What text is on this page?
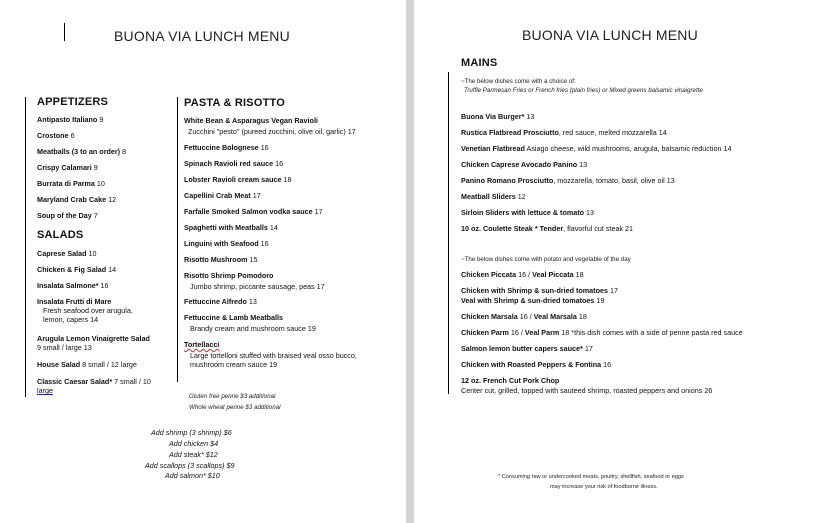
BUONA VIA LUNCH MENU
APPETIZERS
Antipasto Italiano 9
Crostone 6
Meatballs (3 to an order) 8
Crispy Calamari 9
Burrata di Parma 10
Maryland Crab Cake 12
Soup of the Day 7
SALADS
Caprese Salad 10
Chicken & Fig Salad 14
Insalata Salmone* 16
Insalata Frutti di Mare
Fresh seafood over arugula,
lemon, capers 14
Arugula Lemon Vinaigrette Salad
9 small / large 13
House Salad 8 small / 12 large
Classic Caesar Salad* 7 small / 10
large
PASTA & RISOTTO
White Bean & Asparagus Vegan Ravioli
Zucchini "pesto" (pureed zucchini, olive oil, garlic) 17
Fettuccine Bolognese 16
Spinach Ravioli red sauce 16
Lobster Ravioli cream sauce 18
Capellini Crab Meat 17
Farfalle Smoked Salmon vodka sauce 17
Spaghetti with Meatballs 14
Linguini with Seafood 16
Risotto Mushroom 15
Risotto Shrimp Pomodoro
Jumbo shrimp, piccante sausage, peas 17
Fettuccine Alfredo 13
Fettuccine & Lamb Meatballs
Brandy cream and mushroom sauce 19
Tortellacci
Large tortelloni stuffed with braised veal osso bucco,
mushroom cream sauce 19
Gluten free penne $3 additional
Whole wheat penne $3 additional
Add shrimp (3 shrimp) $6
Add chicken $4
Add steak* $12
Add scallops (3 scallops) $9
Add salmon* $10
BUONA VIA LUNCH MENU
MAINS
~The below dishes come with a choice of:
Truffle Parmesan Fries or French fries (plain fries) or Mixed greens balsamic vinaigrette
Buona Via Burger* 13
Rustica Flatbread Prosciutto, red sauce, melted mozzarella 14
Venetian Flatbread Asiago cheese, wild mushrooms, arugula, balsamic reduction 14
Chicken Caprese Avocado Panino 13
Panino Romano Prosciutto, mozzarella, tomato, basil, olive oil 13
Meatball Sliders 12
Sirloin Sliders with lettuce & tomato 13
10 oz. Coulette Steak * Tender, flavorful cut steak 21
~The below dishes come with potato and vegetable of the day
Chicken Piccata 16 / Veal Piccata 18
Chicken with Shrimp & sun-dried tomatoes 17
Veal with Shrimp & sun-dried tomatoes 19
Chicken Marsala 16 / Veal Marsala 18
Chicken Parm 16 / Veal Parm 18 *this dish comes with a side of penne pasta red sauce
Salmon lemon butter capers sauce* 17
Chicken with Roasted Peppers & Fontina 16
12 oz. French Cut Pork Chop
Center cut, grilled, topped with sauteed shrimp, roasted peppers and onions 26
* Consuming raw or undercooked meats, poultry, shellfish, seafood or eggs
may increase your risk of foodborne illness.
